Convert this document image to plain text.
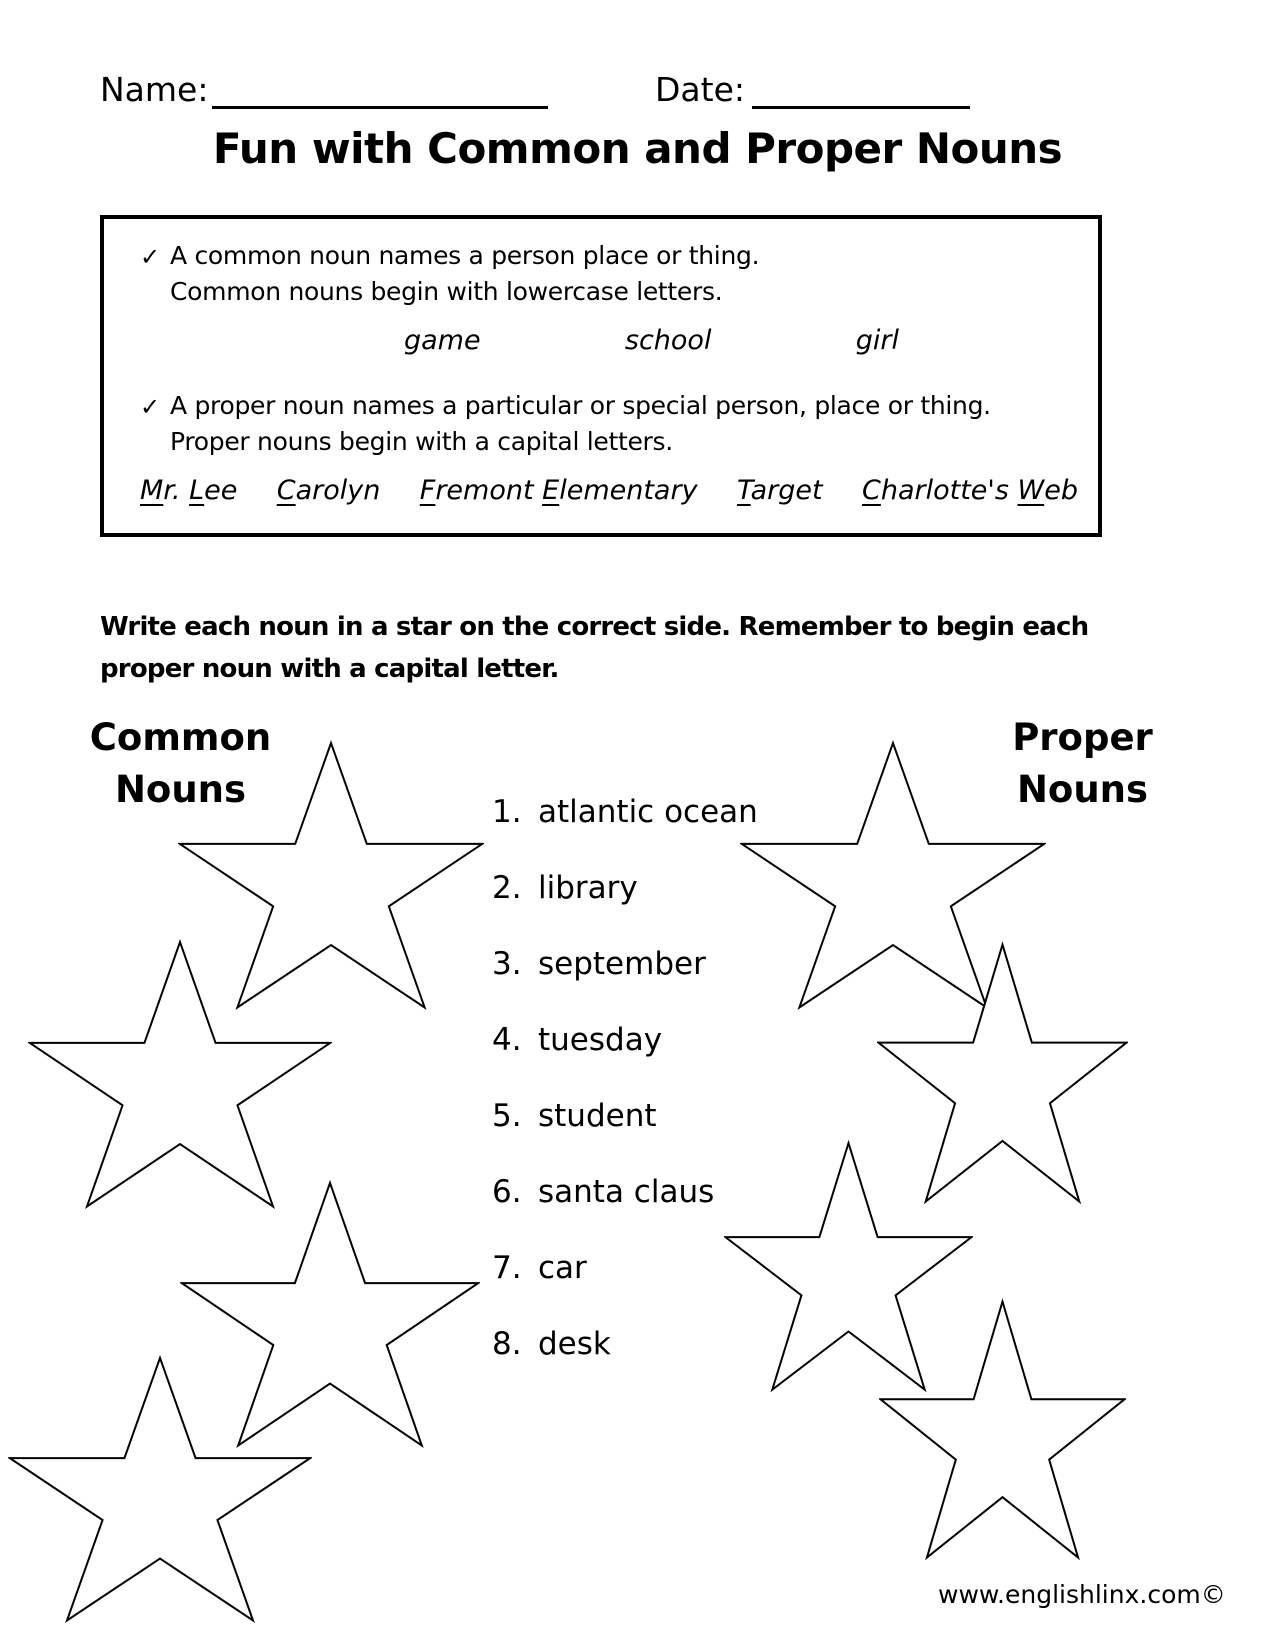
Name:	Date:
Fun with Common and Proper Nouns
✓ A common noun names a person place or thing.
Common nouns begin with lowercase letters.
game	school	girl
✓ A proper noun names a particular or special person, place or thing.
Proper nouns begin with a capital letters.
Mr. Lee Carolyn Fremont Elementary Target Charlotte's Web

Write each noun in a star on the correct side. Remember to begin each proper noun with a capital letter.

Common
Nouns
Proper
Nouns
1. atlantic ocean
2. library
3. september
4. tuesday
5. student
6. santa claus
7. car
8. desk
www.englishlinx.com©
